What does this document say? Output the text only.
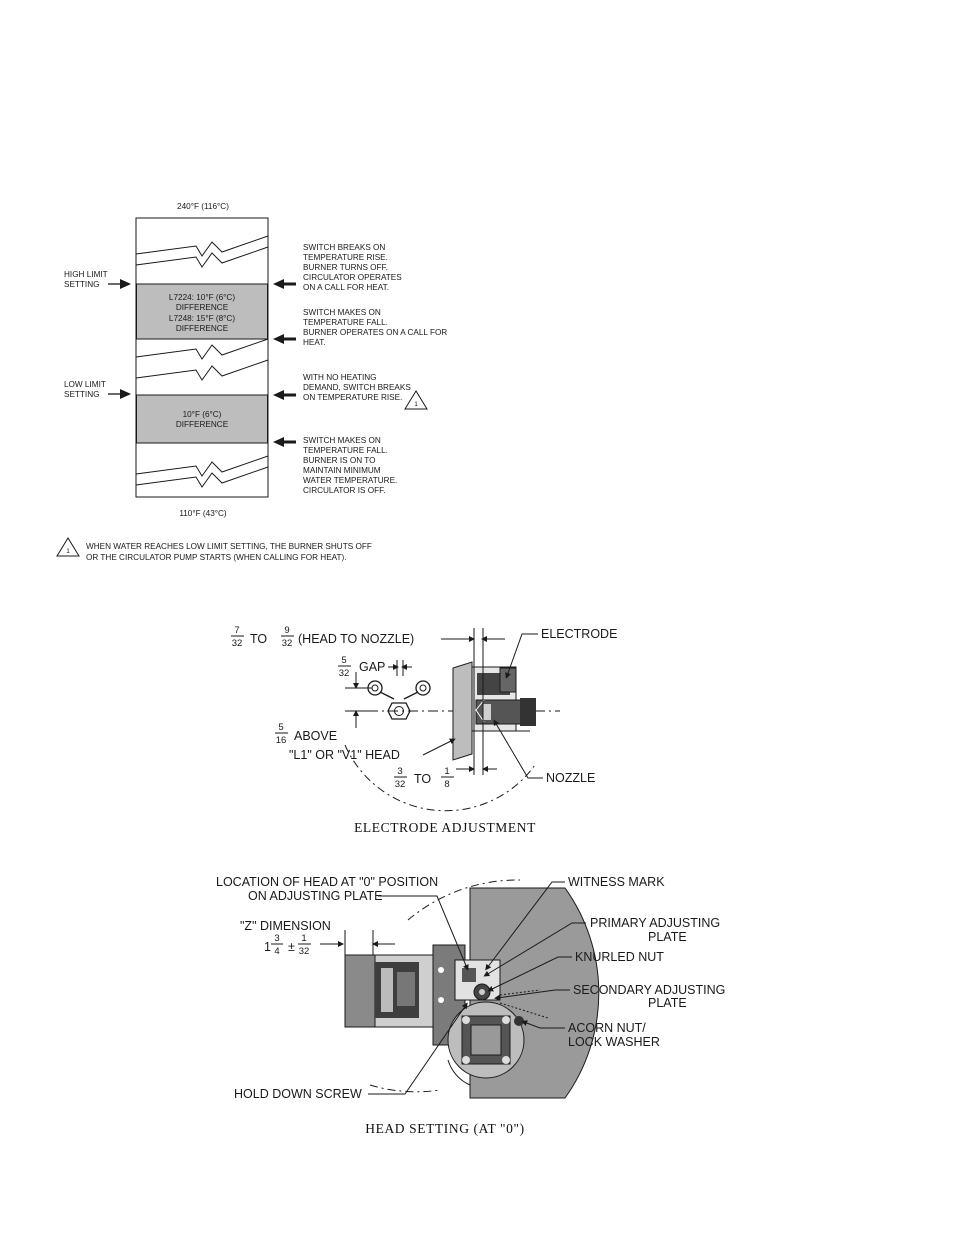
240°F (116°C)
L7224: 10°F (6°C)
DIFFERENCE
L7248: 15°F (8°C)
DIFFERENCE
10°F (6°C)
DIFFERENCE
110°F (43°C)
HIGH LIMIT
SETTING
LOW LIMIT
SETTING
SWITCH BREAKS ON
TEMPERATURE RISE.
BURNER TURNS OFF.
CIRCULATOR OPERATES
ON A CALL FOR HEAT.
SWITCH MAKES ON
TEMPERATURE FALL.
BURNER OPERATES ON A CALL FOR
HEAT.
WITH NO HEATING
DEMAND, SWITCH BREAKS
ON TEMPERATURE RISE.
1
SWITCH MAKES ON
TEMPERATURE FALL.
BURNER IS ON TO
MAINTAIN MINIMUM
WATER TEMPERATURE.
CIRCULATOR IS OFF.
1
WHEN WATER REACHES LOW LIMIT SETTING, THE BURNER SHUTS OFF
OR THE CIRCULATOR PUMP STARTS (WHEN CALLING FOR HEAT).
7
32 TO
9
32 (HEAD TO NOZZLE)
5
32 GAP
5
16 ABOVE
"L1" OR "V1" HEAD
3
32 TO
1
8
ELECTRODE
NOZZLE
ELECTRODE ADJUSTMENT
LOCATION OF HEAD AT "0" POSITION
ON ADJUSTING PLATE
"Z" DIMENSION
1
3
4 ±
1
32
HOLD DOWN SCREW
WITNESS MARK
PRIMARY ADJUSTING
PLATE
KNURLED NUT
SECONDARY ADJUSTING
PLATE
ACORN NUT/
LOCK WASHER
HEAD SETTING (AT "0")
